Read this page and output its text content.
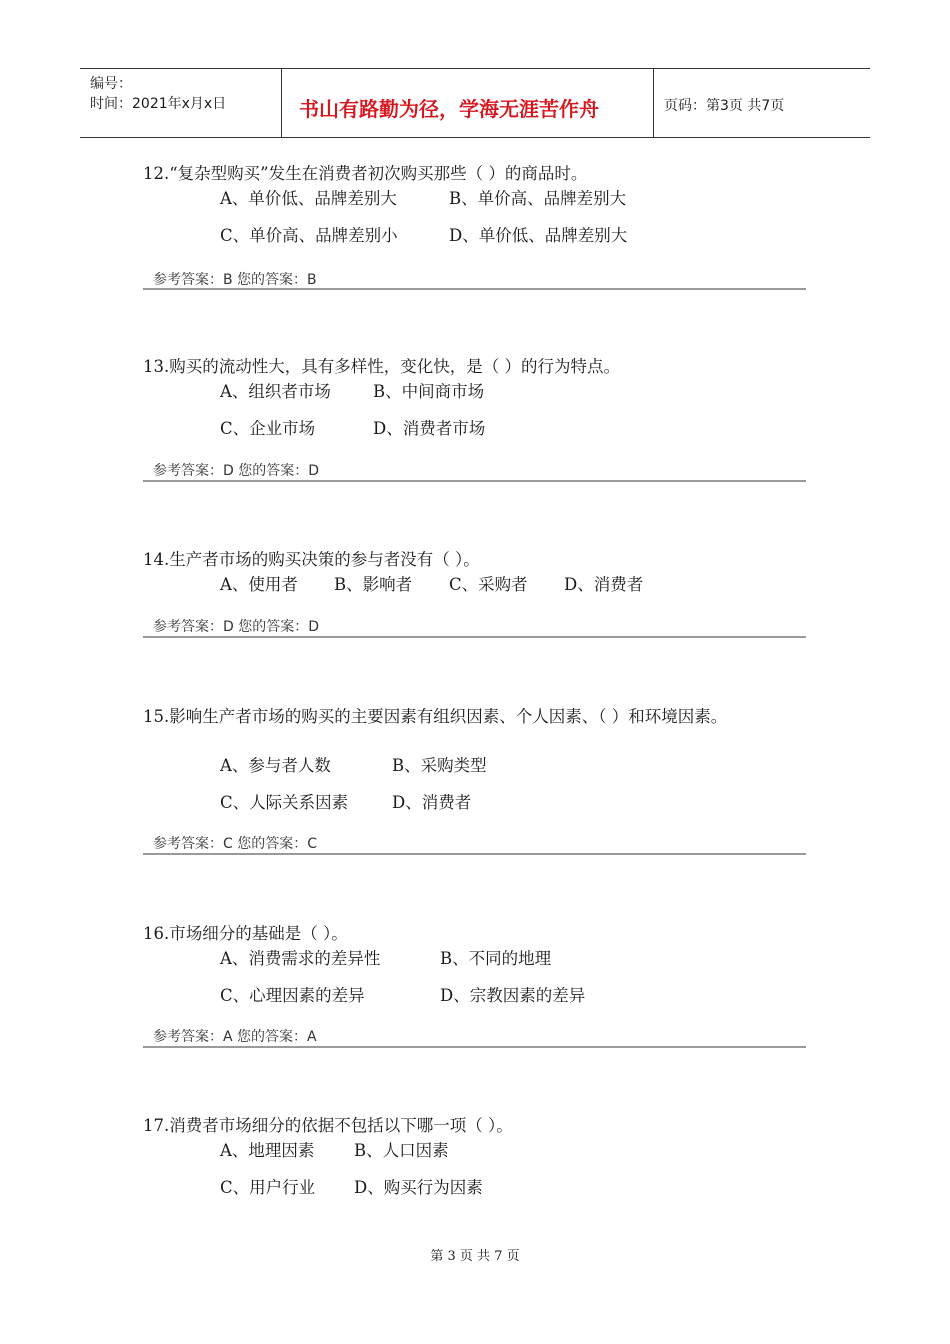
编号：
时间：2021年x月x日	书山有路勤为径，学海无涯苦作舟	页码：第3页 共7页
12.“复杂型购买”发生在消费者初次购买那些（ ）的商品时。
A、单价低、品牌差别大	B、单价高、品牌差别大
C、单价高、品牌差别小	D、单价低、品牌差别大
参考答案：B 您的答案：B
13.购买的流动性大，具有多样性，变化快，是（ ）的行为特点。
A、组织者市场	B、中间商市场
C、企业市场	D、消费者市场
参考答案：D 您的答案：D
14.生产者市场的购买决策的参与者没有（ ）。
A、使用者 B、影响者 C、采购者 D、消费者
参考答案：D 您的答案：D
15.影响生产者市场的购买的主要因素有组织因素、个人因素、（ ）和环境因素。
A、参与者人数	B、采购类型
C、人际关系因素	D、消费者
参考答案：C 您的答案：C
16.市场细分的基础是（ ）。
A、消费需求的差异性	B、不同的地理
C、心理因素的差异	D、宗教因素的差异
参考答案：A 您的答案：A
17.消费者市场细分的依据不包括以下哪一项（ ）。
A、地理因素 B、人口因素
C、用户行业 D、购买行为因素
第 3 页 共 7 页
